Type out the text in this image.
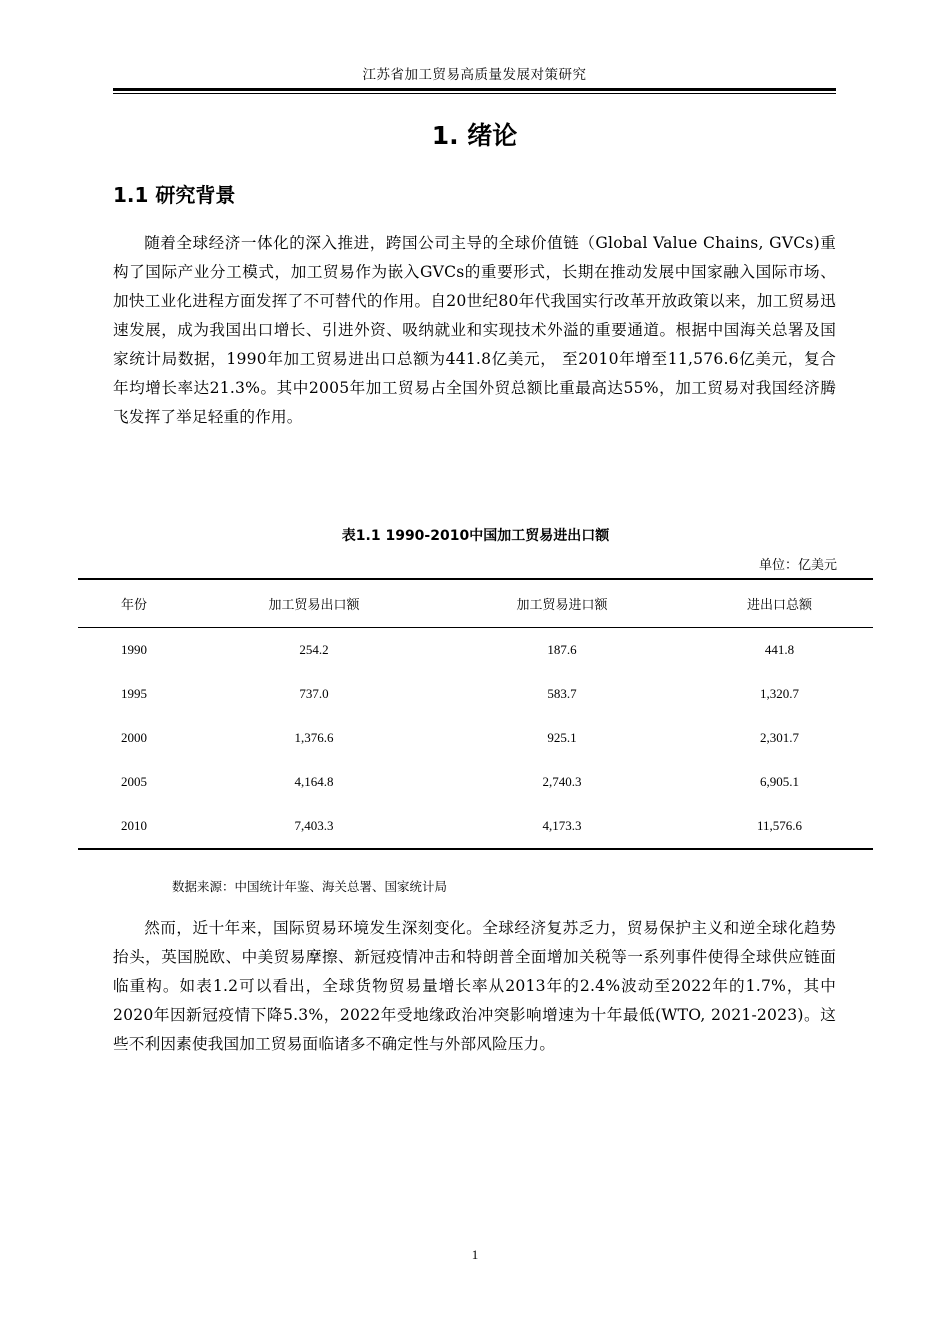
江苏省加工贸易高质量发展对策研究
1. 绪论
1.1 研究背景

随着全球经济一体化的深入推进，跨国公司主导的全球价值链（Global Value Chains, GVCs)重构了国际产业分工模式，加工贸易作为嵌入GVCs的重要形式，长期在推动发展中国家融入国际市场、加快工业化进程方面发挥了不可替代的作用。自20世纪80年代我国实行改革开放政策以来，加工贸易迅速发展，成为我国出口增长、引进外资、吸纳就业和实现技术外溢的重要通道。根据中国海关总署及国家统计局数据，1990年加工贸易进出口总额为441.8亿美元， 至2010年增至11,576.6亿美元，复合年均增长率达21.3%。其中2005年加工贸易占全国外贸总额比重最高达55%，加工贸易对我国经济腾飞发挥了举足轻重的作用。

表1.1 1990-2010中国加工贸易进出口额
单位：亿美元
年份	加工贸易出口额	加工贸易进口额	进出口总额
1990	254.2	187.6	441.8
1995	737.0	583.7	1,320.7
2000	1,376.6	925.1	2,301.7
2005	4,164.8	2,740.3	6,905.1
2010	7,403.3	4,173.3	11,576.6
数据来源：中国统计年鉴、海关总署、国家统计局

然而，近十年来，国际贸易环境发生深刻变化。全球经济复苏乏力，贸易保护主义和逆全球化趋势抬头，英国脱欧、中美贸易摩擦、新冠疫情冲击和特朗普全面增加关税等一系列事件使得全球供应链面临重构。如表1.2可以看出，全球货物贸易量增长率从2013年的2.4%波动至2022年的1.7%，其中2020年因新冠疫情下降5.3%，2022年受地缘政治冲突影响增速为十年最低(WTO, 2021-2023)。这些不利因素使我国加工贸易面临诸多不确定性与外部风险压力。

1
